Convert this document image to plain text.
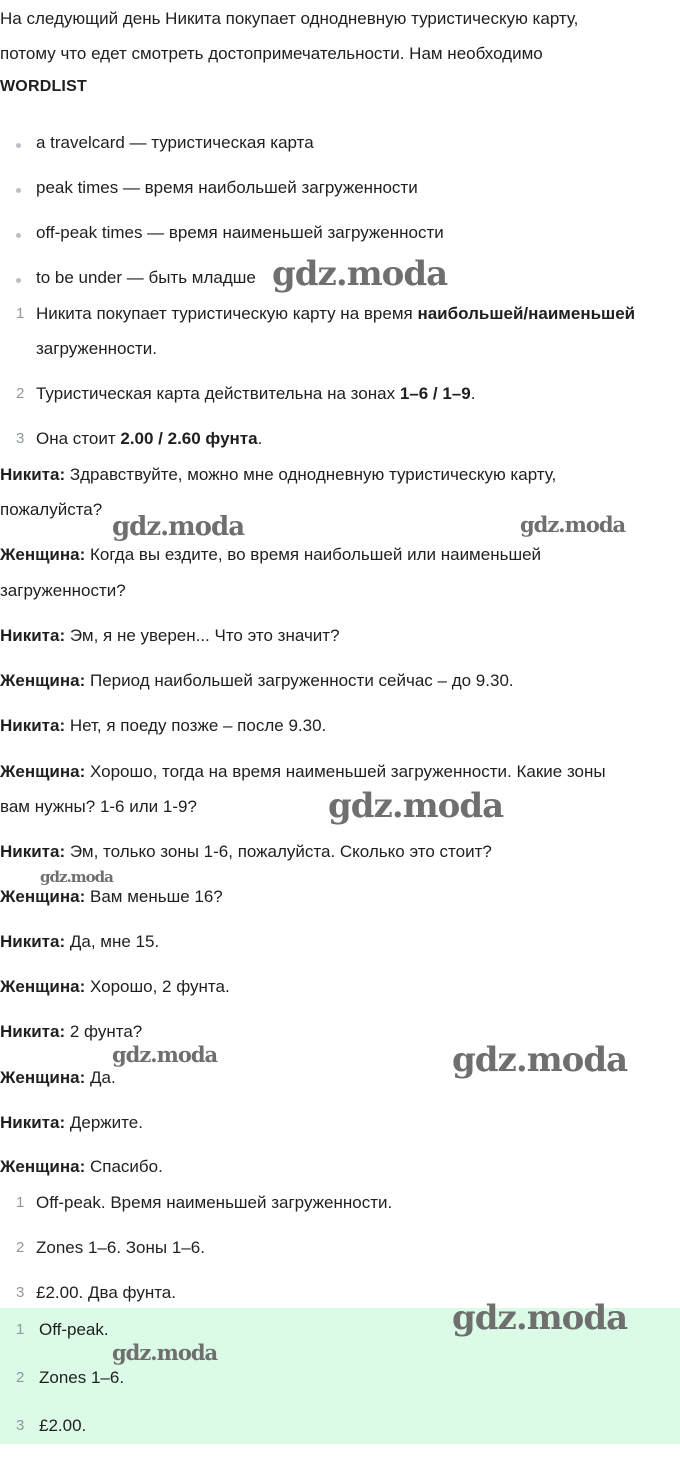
На следующий день Никита покупает однодневную туристическую карту,
потому что едет смотреть достопримечательности. Нам необходимо
WORDLIST
a travelcard — туристическая карта
peak times — время наибольшей загруженности
off-peak times — время наименьшей загруженности
to be under — быть младше
1 Никита покупает туристическую карту на время наибольшей/наименьшей
загруженности.
2 Туристическая карта действительна на зонах 1–6 / 1–9.
3 Она стоит 2.00 / 2.60 фунта.
Никита: Здравствуйте, можно мне однодневную туристическую карту,
пожалуйста?
Женщина: Когда вы ездите, во время наибольшей или наименьшей
загруженности?
Никита: Эм, я не уверен... Что это значит?
Женщина: Период наибольшей загруженности сейчас – до 9.30.
Никита: Нет, я поеду позже – после 9.30.
Женщина: Хорошо, тогда на время наименьшей загруженности. Какие зоны
вам нужны? 1-6 или 1-9?
Никита: Эм, только зоны 1-6, пожалуйста. Сколько это стоит?
Женщина: Вам меньше 16?
Никита: Да, мне 15.
Женщина: Хорошо, 2 фунта.
Никита: 2 фунта?
Женщина: Да.
Никита: Держите.
Женщина: Спасибо.
1 Off-peak. Время наименьшей загруженности.
2 Zones 1–6. Зоны 1–6.
3 £2.00. Два фунта.
1 Off-peak.
2 Zones 1–6.
3 £2.00.
gdz.moda
gdz.moda	gdz.moda
gdz.moda
gdz.moda
gdz.moda	gdz.moda
gdz.moda
gdz.moda
